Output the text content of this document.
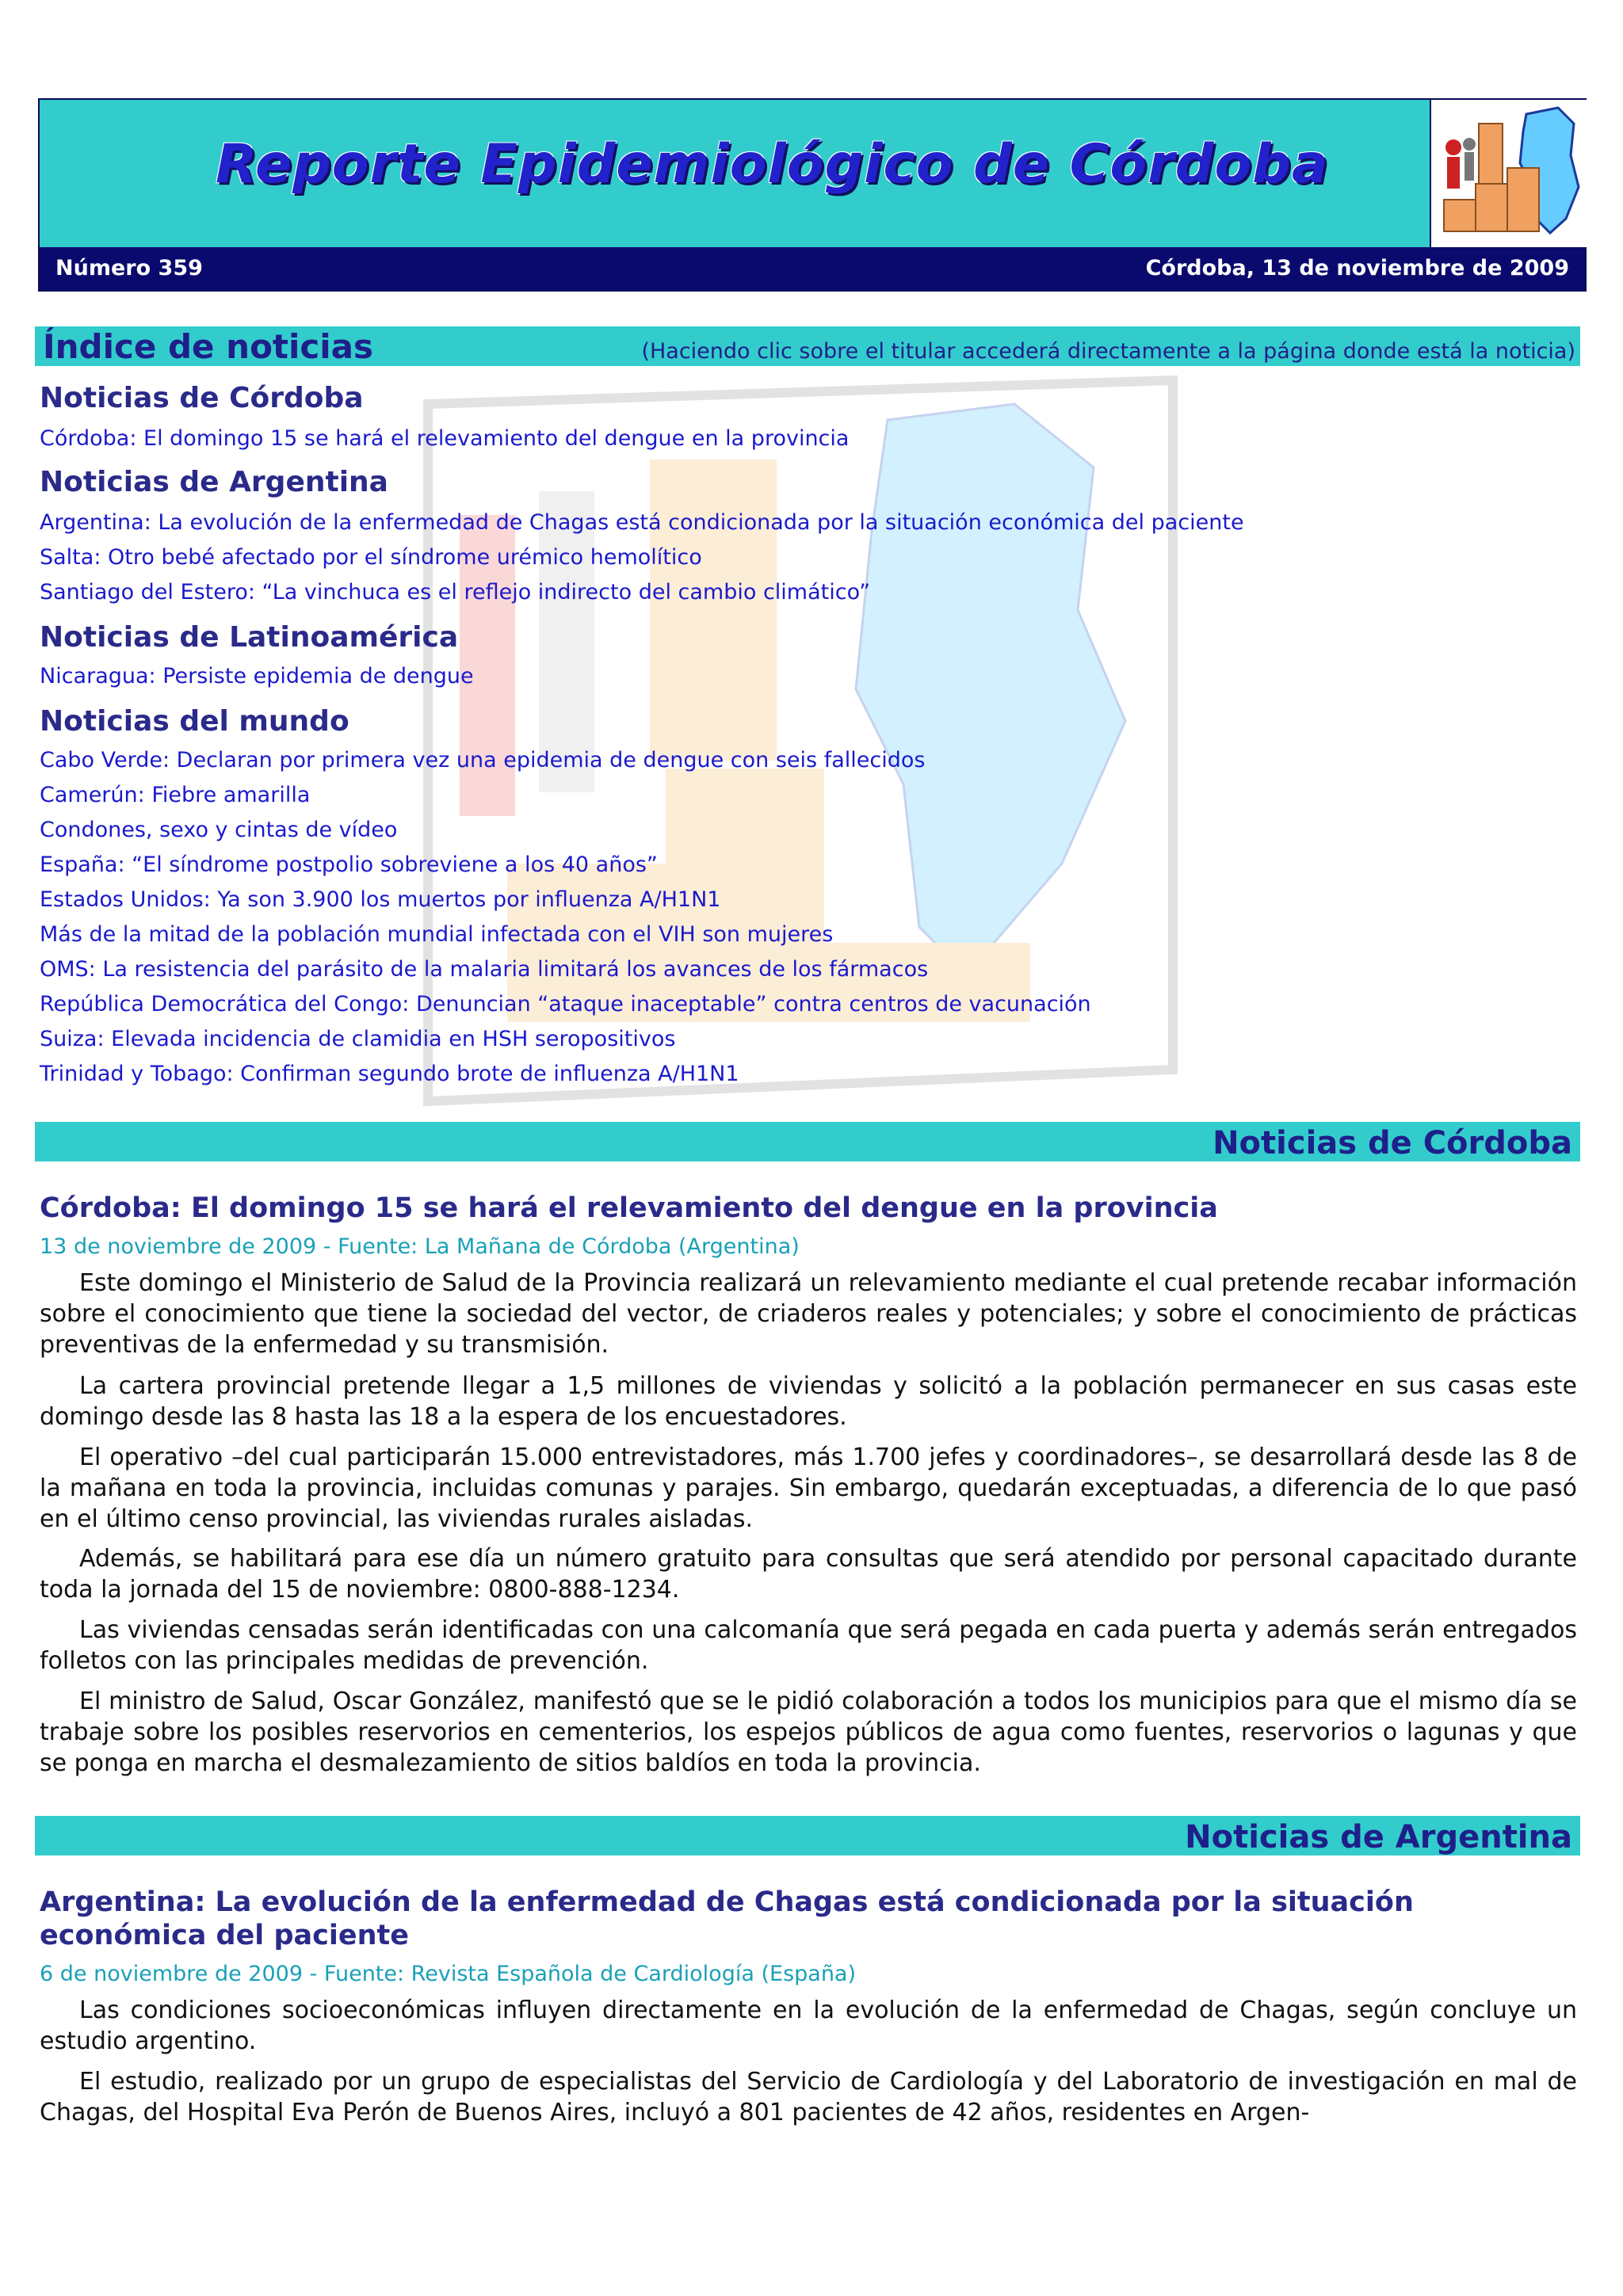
Reporte Epidemiológico de Córdoba
Número 359	Córdoba, 13 de noviembre de 2009
Índice de noticias	(Haciendo clic sobre el titular accederá directamente a la página donde está la noticia)
Noticias de Córdoba
Córdoba: El domingo 15 se hará el relevamiento del dengue en la provincia
Noticias de Argentina
Argentina: La evolución de la enfermedad de Chagas está condicionada por la situación económica del paciente
Salta: Otro bebé afectado por el síndrome urémico hemolítico
Santiago del Estero: “La vinchuca es el reflejo indirecto del cambio climático”
Noticias de Latinoamérica
Nicaragua: Persiste epidemia de dengue
Noticias del mundo
Cabo Verde: Declaran por primera vez una epidemia de dengue con seis fallecidos
Camerún: Fiebre amarilla
Condones, sexo y cintas de vídeo
España: “El síndrome postpolio sobreviene a los 40 años”
Estados Unidos: Ya son 3.900 los muertos por influenza A/H1N1
Más de la mitad de la población mundial infectada con el VIH son mujeres
OMS: La resistencia del parásito de la malaria limitará los avances de los fármacos
República Democrática del Congo: Denuncian “ataque inaceptable” contra centros de vacunación
Suiza: Elevada incidencia de clamidia en HSH seropositivos
Trinidad y Tobago: Confirman segundo brote de influenza A/H1N1
Noticias de Córdoba
Córdoba: El domingo 15 se hará el relevamiento del dengue en la provincia
13 de noviembre de 2009 - Fuente: La Mañana de Córdoba (Argentina)

Este domingo el Ministerio de Salud de la Provincia realizará un relevamiento mediante el cual pretende recabar información sobre el conocimiento que tiene la sociedad del vector, de criaderos reales y potenciales; y sobre el conocimiento de prácticas preventivas de la enfermedad y su transmisión.

La cartera provincial pretende llegar a 1,5 millones de viviendas y solicitó a la población permanecer en sus casas este domingo desde las 8 hasta las 18 a la espera de los encuestadores.

El operativo –del cual participarán 15.000 entrevistadores, más 1.700 jefes y coordinadores–, se desarrollará desde las 8 de la mañana en toda la provincia, incluidas comunas y parajes. Sin embargo, quedarán exceptuadas, a diferencia de lo que pasó en el último censo provincial, las viviendas rurales aisladas.

Además, se habilitará para ese día un número gratuito para consultas que será atendido por personal capacitado durante toda la jornada del 15 de noviembre: 0800-888-1234.

Las viviendas censadas serán identificadas con una calcomanía que será pegada en cada puerta y además serán entregados folletos con las principales medidas de prevención.

El ministro de Salud, Oscar González, manifestó que se le pidió colaboración a todos los municipios para que el mismo día se trabaje sobre los posibles reservorios en cementerios, los espejos públicos de agua como fuentes, reservorios o lagunas y que se ponga en marcha el desmalezamiento de sitios baldíos en toda la provincia.

Noticias de Argentina
Argentina: La evolución de la enfermedad de Chagas está condicionada por la situación económica del paciente
6 de noviembre de 2009 - Fuente: Revista Española de Cardiología (España)

Las condiciones socioeconómicas influyen directamente en la evolución de la enfermedad de Chagas, según concluye un estudio argentino.

El estudio, realizado por un grupo de especialistas del Servicio de Cardiología y del Laboratorio de investigación en mal de Chagas, del Hospital Eva Perón de Buenos Aires, incluyó a 801 pacientes de 42 años, residentes en Argen-
